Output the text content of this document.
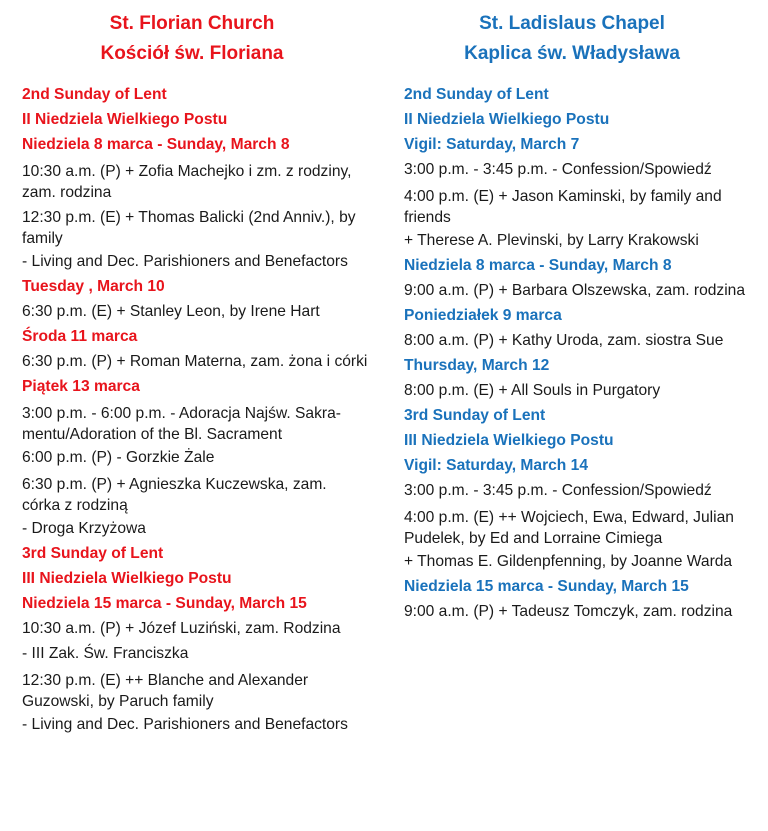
St. Florian Church
Kościół św. Floriana
2nd Sunday of Lent
II Niedziela Wielkiego Postu
Niedziela 8 marca - Sunday, March 8
10:30 a.m. (P) + Zofia Machejko i zm. z rodziny,
zam. rodzina
12:30 p.m. (E) + Thomas Balicki (2nd Anniv.), by
family
- Living and Dec. Parishioners and Benefactors
Tuesday , March 10
6:30 p.m. (E) + Stanley Leon, by Irene Hart
Środa 11 marca
6:30 p.m. (P) + Roman Materna, zam. żona i córki
Piątek 13 marca
3:00 p.m. - 6:00 p.m. - Adoracja Najśw. Sakra-
mentu/Adoration of the Bl. Sacrament
6:00 p.m. (P) - Gorzkie Żale
6:30 p.m. (P) + Agnieszka Kuczewska, zam.
córka z rodziną
- Droga Krzyżowa
3rd Sunday of Lent
III Niedziela Wielkiego Postu
Niedziela 15 marca - Sunday, March 15
10:30 a.m. (P) + Józef Luziński, zam. Rodzina
- III Zak. Św. Franciszka
12:30 p.m. (E) ++ Blanche and Alexander
Guzowski, by Paruch family
- Living and Dec. Parishioners and Benefactors
St. Ladislaus Chapel
Kaplica św. Władysława
2nd Sunday of Lent
II Niedziela Wielkiego Postu
Vigil: Saturday, March 7
3:00 p.m. - 3:45 p.m. - Confession/Spowiedź
4:00 p.m. (E) + Jason Kaminski, by family and
friends
+ Therese A. Plevinski, by Larry Krakowski
Niedziela 8 marca - Sunday, March 8
9:00 a.m. (P) + Barbara Olszewska, zam. rodzina
Poniedziałek 9 marca
8:00 a.m. (P) + Kathy Uroda, zam. siostra Sue
Thursday, March 12
8:00 p.m. (E) + All Souls in Purgatory
3rd Sunday of Lent
III Niedziela Wielkiego Postu
Vigil: Saturday, March 14
3:00 p.m. - 3:45 p.m. - Confession/Spowiedź
4:00 p.m. (E) ++ Wojciech, Ewa, Edward, Julian
Pudelek, by Ed and Lorraine Cimiega
+ Thomas E. Gildenpfenning, by Joanne Warda
Niedziela 15 marca - Sunday, March 15
9:00 a.m. (P) + Tadeusz Tomczyk, zam. rodzina
